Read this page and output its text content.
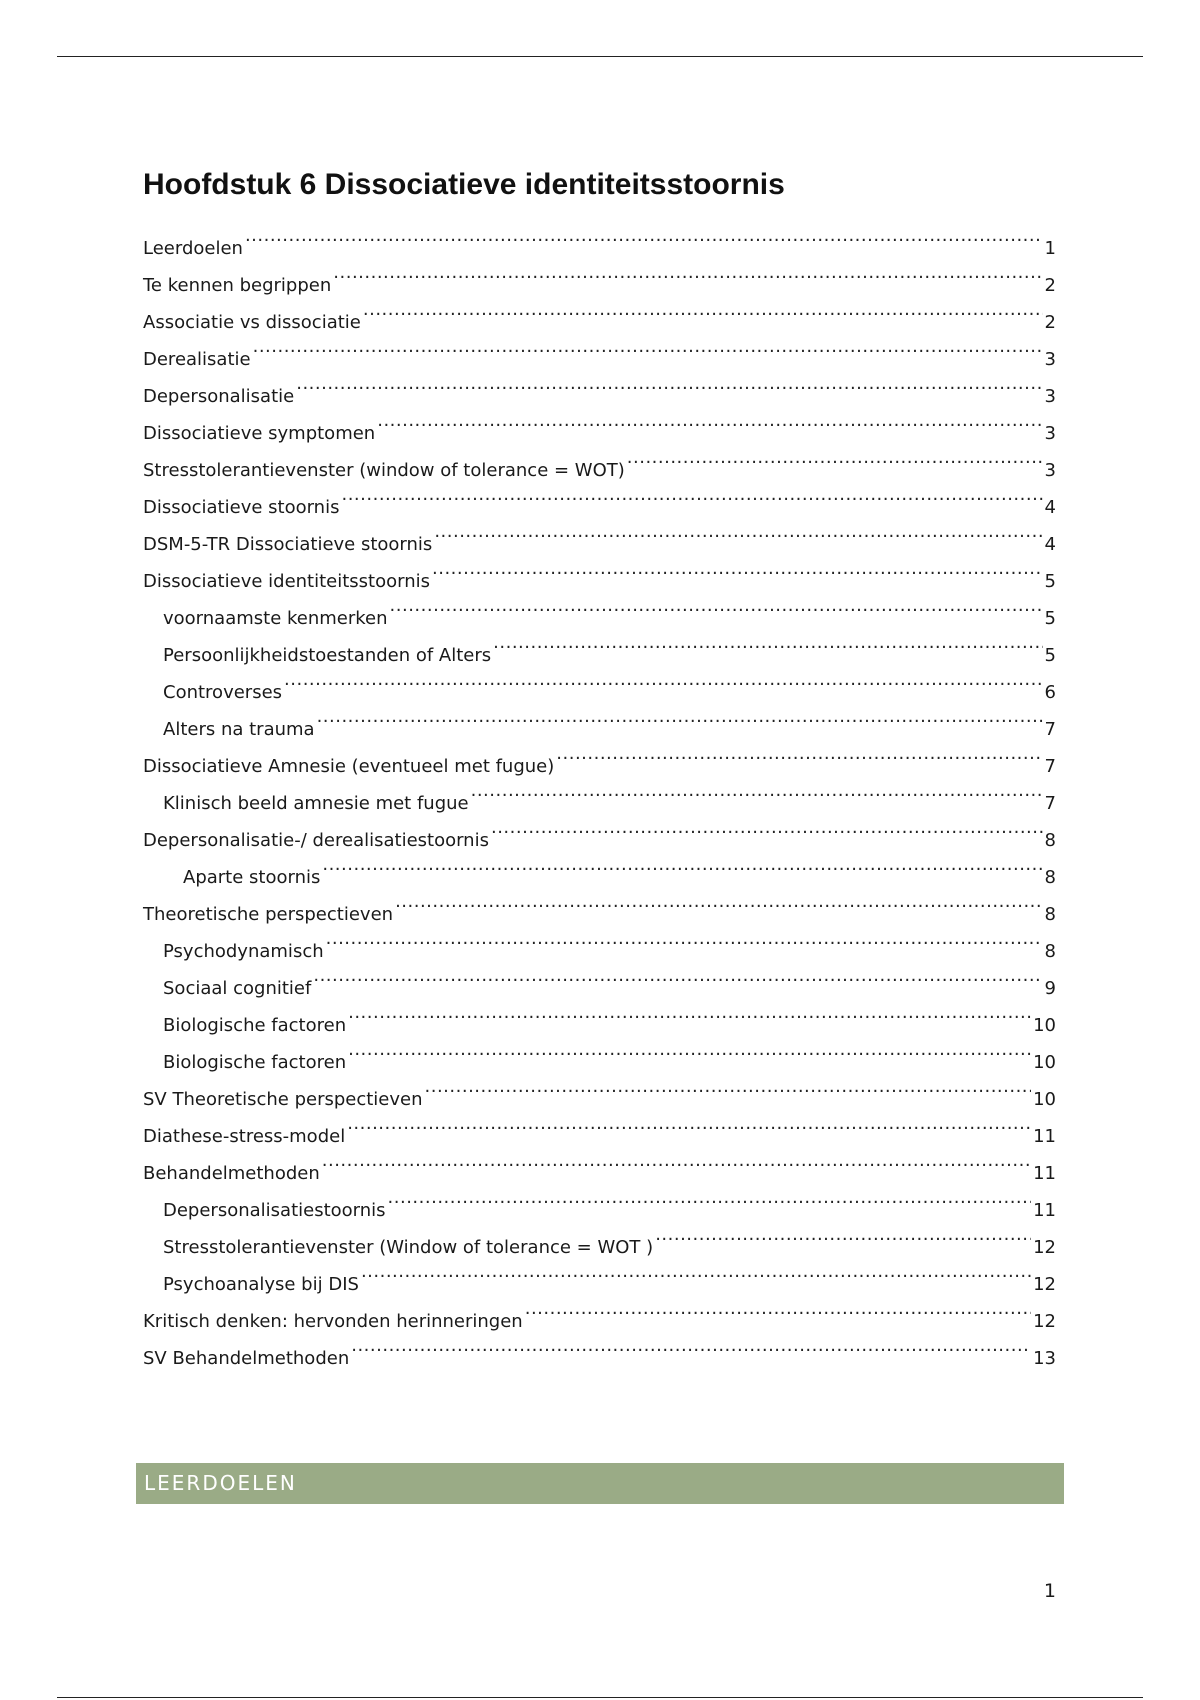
Hoofdstuk 6 Dissociatieve identiteitsstoornis
Leerdoelen .....	1
Te kennen begrippen .....	2
Associatie vs dissociatie .....	2
Derealisatie .....	3
Depersonalisatie .....	3
Dissociatieve symptomen .....	3
Stresstolerantievenster (window of tolerance = WOT) .....	3
Dissociatieve stoornis .....	4
DSM-5-TR Dissociatieve stoornis .....	4
Dissociatieve identiteitsstoornis .....	5
voornaamste kenmerken .....	5
Persoonlijkheidstoestanden of Alters .....	5
Controverses .....	6
Alters na trauma .....	7
Dissociatieve Amnesie (eventueel met fugue) .....	7
Klinisch beeld amnesie met fugue .....	7
Depersonalisatie-/ derealisatiestoornis .....	8
Aparte stoornis .....	8
Theoretische perspectieven .....	8
Psychodynamisch .....	8
Sociaal cognitief .....	9
Biologische factoren .....	10
Biologische factoren .....	10
SV Theoretische perspectieven .....	10
Diathese-stress-model .....	11
Behandelmethoden .....	11
Depersonalisatiestoornis .....	11
Stresstolerantievenster (Window of tolerance = WOT ) .....	12
Psychoanalyse bij DIS .....	12
Kritisch denken: hervonden herinneringen .....	12
SV Behandelmethoden .....	13
LEERDOELEN
1
